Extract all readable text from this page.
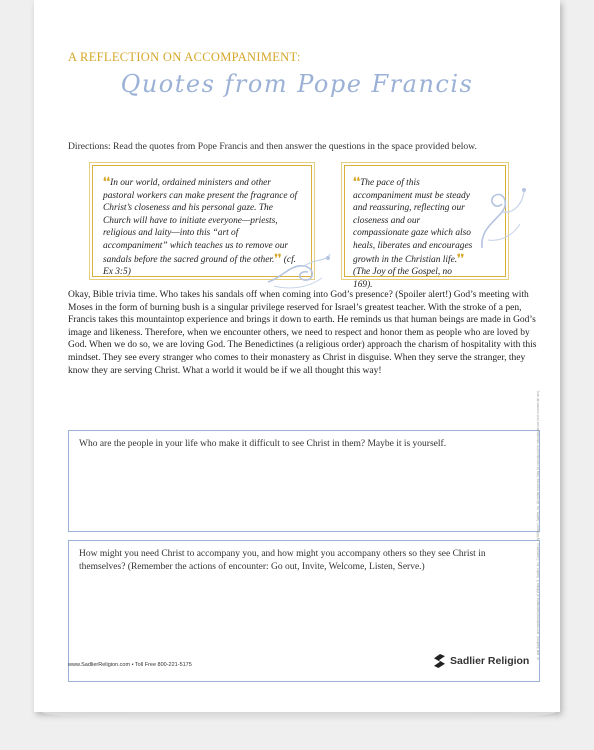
A REFLECTION ON ACCOMPANIMENT:
Quotes from Pope Francis
Directions: Read the quotes from Pope Francis and then answer the questions in the space provided below.
❛❛In our world, ordained ministers and other pastoral workers can make present the fragrance of Christ’s closeness and his personal gaze. The Church will have to initiate everyone—priests, religious and laity—into this “art of accompaniment” which teaches us to remove our sandals before the sacred ground of the other.❜❜ (cf. Ex 3:5)
❛❛The pace of this accompaniment must be steady and reassuring, reflecting our closeness and our compassionate gaze which also heals, liberates and encourages growth in the Christian life.❜❜ (The Joy of the Gospel, no 169).
Okay, Bible trivia time. Who takes his sandals off when coming into God’s presence? (Spoiler alert!) God’s meeting with Moses in the form of burning bush is a singular privilege reserved for Israel’s greatest teacher. With the stroke of a pen, Francis takes this mountaintop experience and brings it down to earth. He reminds us that human beings are made in God’s image and likeness. Therefore, when we encounter others, we need to respect and honor them as people who are loved by God. When we do so, we are loving God. The Benedictines (a religious order) approach the charism of hospitality with this mindset. They see every stranger who comes to their monastery as Christ in disguise. When they serve the stranger, they know they are serving Christ. What a world it would be if we all thought this way!
Who are the people in your life who make it difficult to see Christ in them? Maybe it is yourself.
How might you need Christ to accompany you, and how might you accompany others so they see Christ in themselves? (Remember the actions of encounter: Go out, Invite, Welcome, Listen, Serve.)	® and Sadlier® are registered trademarks of William H. Sadlier, Inc. Copyright © by William H. Sadlier, Inc. All rights reserved. May be reproduced for educational use (not commercial use).
www.SadlierReligion.com • Toll Free 800-221-5175	Sadlier Religion
